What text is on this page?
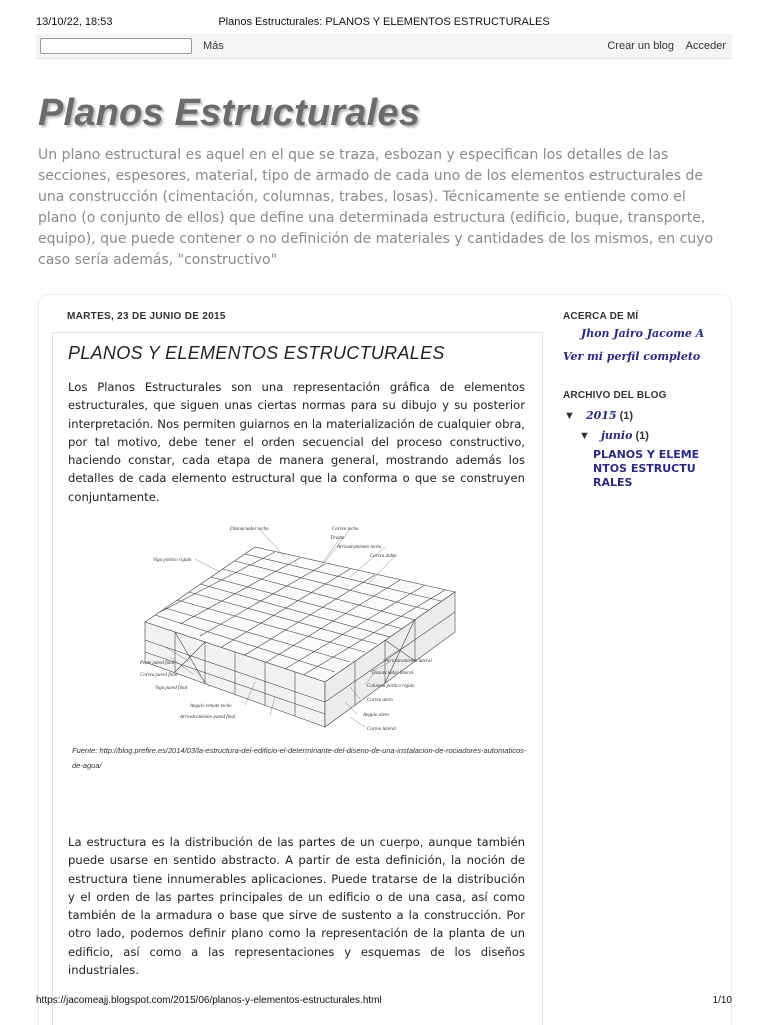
13/10/22, 18:53	Planos Estructurales: PLANOS Y ELEMENTOS ESTRUCTURALES
Más	Crear un blog Acceder
Planos Estructurales
Un plano estructural es aquel en el que se traza, esbozan y especifican los detalles de las secciones, espesores, material, tipo de armado de cada uno de los elementos estructurales de una construcción (cimentación, columnas, trabes, losas). Técnicamente se entiende como el plano (o conjunto de ellos) que define una determinada estructura (edificio, buque, transporte, equipo), que puede contener o no definición de materiales y cantidades de los mismos, en cuyo caso sería además, "constructivo"
MARTES, 23 DE JUNIO DE 2015
PLANOS Y ELEMENTOS ESTRUCTURALES

Los Planos Estructurales son una representación gráfica de elementos estructurales, que siguen unas ciertas normas para su dibujo y su posterior interpretación. Nos permiten guiarnos en la materialización de cualquier obra, por tal motivo, debe tener el orden secuencial del proceso constructivo, haciendo constar, cada etapa de manera general, mostrando además los detalles de cada elemento estructural que la conforma o que se construyen conjuntamente.

Distanciador techo	Correa techo
Tirante
Arriostramiento techo
Correa doble
Viga pórtico rígido
Poste pared final
Correa pared final
Viga pared final
Angulo remate techo
Arriostramiento pared final
Arriostramiento lateral
Distanciador lateral
Columna pórtico rígido
Correa alero
Angulo alero
Correa lateral

Fuente: http://blog.prefire.es/2014/03/la-estructura-del-edificio-el-determinante-del-diseno-de-una-instalacion-de-rociadores-automaticos-de-agua/

La estructura es la distribución de las partes de un cuerpo, aunque también puede usarse en sentido abstracto. A partir de esta definición, la noción de estructura tiene innumerables aplicaciones. Puede tratarse de la distribución y el orden de las partes principales de un edificio o de una casa, así como también de la armadura o base que sirve de sustento a la construcción. Por otro lado, podemos definir plano como la representación de la planta de un edificio, así como a las representaciones y esquemas de los diseños industriales.

ACERCA DE MÍ
Jhon Jairo Jacome A
Ver mi perfil completo
ARCHIVO DEL BLOG
▼ 2015 (1)
▼ junio (1)
PLANOS Y ELEMENTOS ESTRUCTURALES
https://jacomeajj.blogspot.com/2015/06/planos-y-elementos-estructurales.html	1/10
